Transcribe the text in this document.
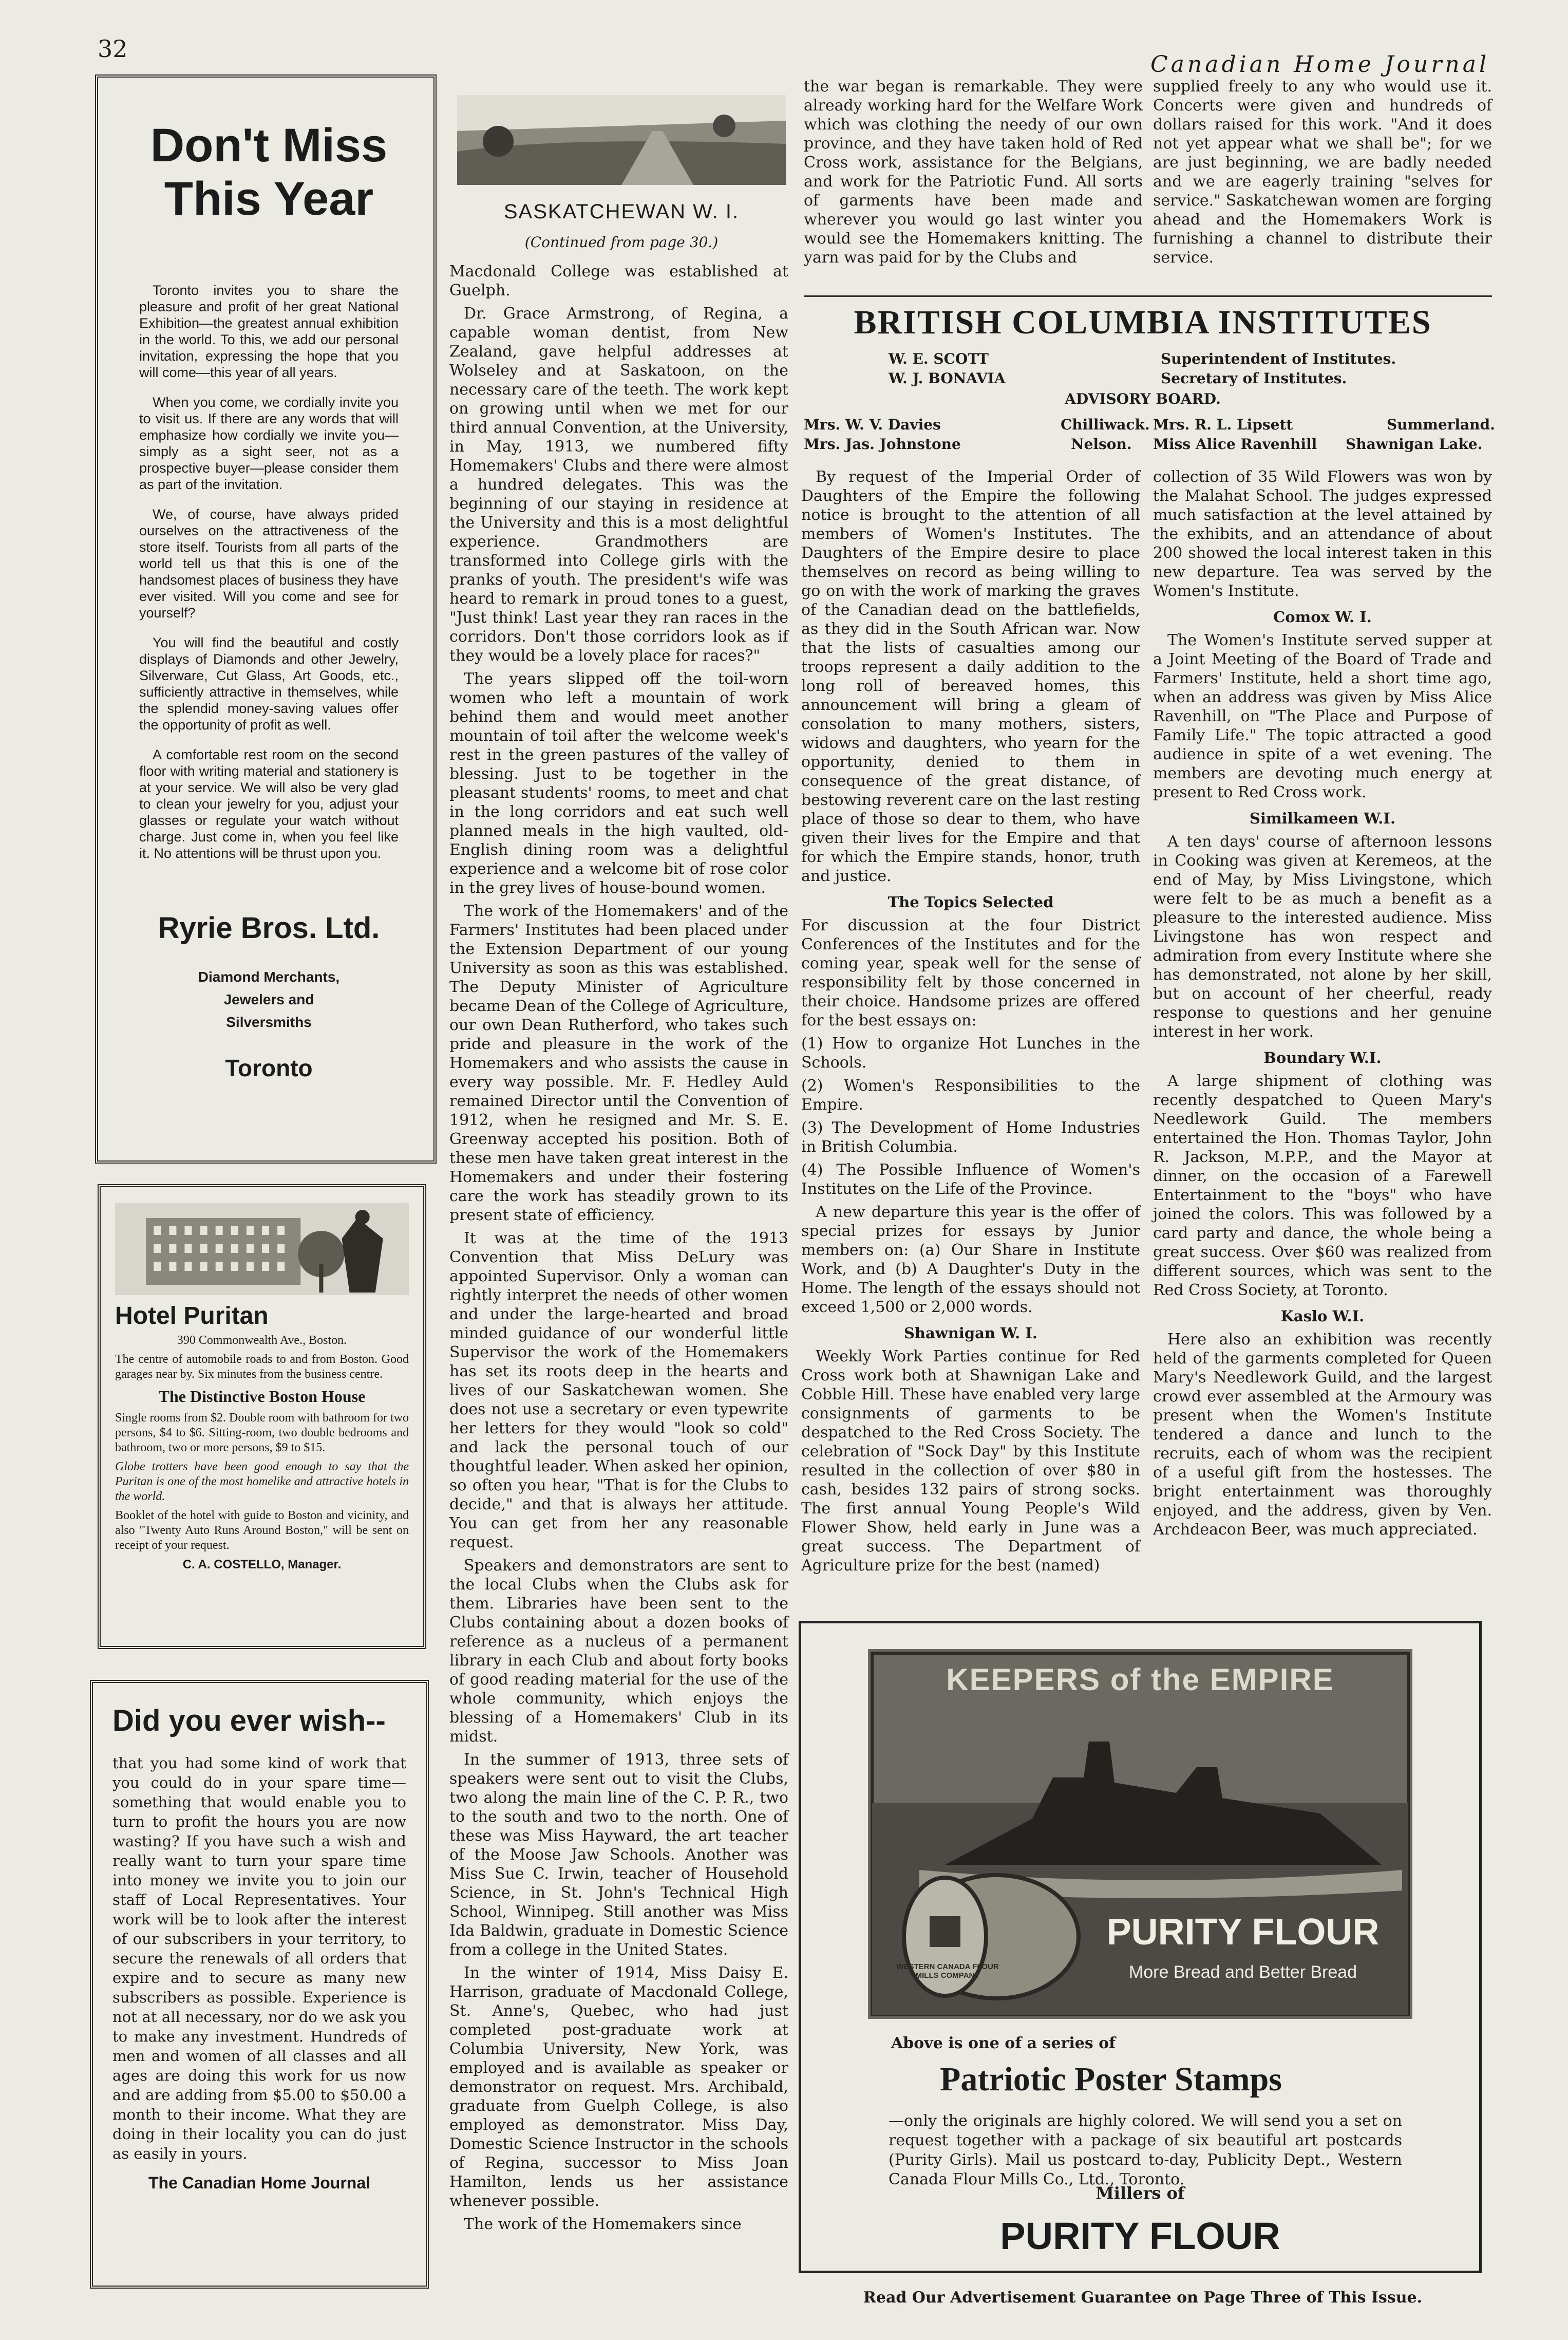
32
Canadian Home Journal
Don't Miss This Year

Toronto invites you to share the pleasure and profit of her great National Exhibition—the greatest annual exhibition in the world. To this, we add our personal invitation, expressing the hope that you will come—this year of all years.

When you come, we cordially invite you to visit us. If there are any words that will emphasize how cordially we invite you—simply as a sight seer, not as a prospective buyer—please consider them as part of the invitation.

We, of course, have always prided ourselves on the attractiveness of the store itself. Tourists from all parts of the world tell us that this is one of the handsomest places of business they have ever visited. Will you come and see for yourself?

You will find the beautiful and costly displays of Diamonds and other Jewelry, Silverware, Cut Glass, Art Goods, etc., sufficiently attractive in themselves, while the splendid money-saving values offer the opportunity of profit as well.

A comfortable rest room on the second floor with writing material and stationery is at your service. We will also be very glad to clean your jewelry for you, adjust your glasses or regulate your watch without charge. Just come in, when you feel like it. No attentions will be thrust upon you.

Ryrie Bros. Ltd.
Diamond Merchants, Jewelers and Silversmiths
Toronto
Hotel Puritan

390 Commonwealth Ave., Boston.

The centre of automobile roads to and from Boston. Good garages near by. Six minutes from the business centre.

The Distinctive Boston House

Single rooms from $2. Double room with bathroom for two persons, $4 to $6. Sitting-room, two double bedrooms and bathroom, two or more persons, $9 to $15.

Globe trotters have been good enough to say that the Puritan is one of the most homelike and attractive hotels in the world.

Booklet of the hotel with guide to Boston and vicinity, and also "Twenty Auto Runs Around Boston," will be sent on receipt of your request.

C. A. COSTELLO, Manager.

Did you ever wish--

that you had some kind of work that you could do in your spare time—something that would enable you to turn to profit the hours you are now wasting? If you have such a wish and really want to turn your spare time into money we invite you to join our staff of Local Representatives. Your work will be to look after the interest of our subscribers in your territory, to secure the renewals of all orders that expire and to secure as many new subscribers as possible. Experience is not at all necessary, nor do we ask you to make any investment. Hundreds of men and women of all classes and all ages are doing this work for us now and are adding from $5.00 to $50.00 a month to their income. What they are doing in their locality you can do just as easily in yours.

The Canadian Home Journal
SASKATCHEWAN W. I.
(Continued from page 30.)

Macdonald College was established at Guelph.

Dr. Grace Armstrong, of Regina, a capable woman dentist, from New Zealand, gave helpful addresses at Wolseley and at Saskatoon, on the necessary care of the teeth. The work kept on growing until when we met for our third annual Convention, at the University, in May, 1913, we numbered fifty Homemakers' Clubs and there were almost a hundred delegates. This was the beginning of our staying in residence at the University and this is a most delightful experience. Grandmothers are transformed into College girls with the pranks of youth. The president's wife was heard to remark in proud tones to a guest, "Just think! Last year they ran races in the corridors. Don't those corridors look as if they would be a lovely place for races?"

The years slipped off the toil-worn women who left a mountain of work behind them and would meet another mountain of toil after the welcome week's rest in the green pastures of the valley of blessing. Just to be together in the pleasant students' rooms, to meet and chat in the long corridors and eat such well planned meals in the high vaulted, old-English dining room was a delightful experience and a welcome bit of rose color in the grey lives of house-bound women.

The work of the Homemakers' and of the Farmers' Institutes had been placed under the Extension Department of our young University as soon as this was established. The Deputy Minister of Agriculture became Dean of the College of Agriculture, our own Dean Rutherford, who takes such pride and pleasure in the work of the Homemakers and who assists the cause in every way possible. Mr. F. Hedley Auld remained Director until the Convention of 1912, when he resigned and Mr. S. E. Greenway accepted his position. Both of these men have taken great interest in the Homemakers and under their fostering care the work has steadily grown to its present state of efficiency.

It was at the time of the 1913 Convention that Miss DeLury was appointed Supervisor. Only a woman can rightly interpret the needs of other women and under the large-hearted and broad minded guidance of our wonderful little Supervisor the work of the Homemakers has set its roots deep in the hearts and lives of our Saskatchewan women. She does not use a secretary or even typewrite her letters for they would "look so cold" and lack the personal touch of our thoughtful leader. When asked her opinion, so often you hear, "That is for the Clubs to decide," and that is always her attitude. You can get from her any reasonable request.

Speakers and demonstrators are sent to the local Clubs when the Clubs ask for them. Libraries have been sent to the Clubs containing about a dozen books of reference as a nucleus of a permanent library in each Club and about forty books of good reading material for the use of the whole community, which enjoys the blessing of a Homemakers' Club in its midst.

In the summer of 1913, three sets of speakers were sent out to visit the Clubs, two along the main line of the C. P. R., two to the south and two to the north. One of these was Miss Hayward, the art teacher of the Moose Jaw Schools. Another was Miss Sue C. Irwin, teacher of Household Science, in St. John's Technical High School, Winnipeg. Still another was Miss Ida Baldwin, graduate in Domestic Science from a college in the United States.

In the winter of 1914, Miss Daisy E. Harrison, graduate of Macdonald College, St. Anne's, Quebec, who had just completed post-graduate work at Columbia University, New York, was employed and is available as speaker or demonstrator on request. Mrs. Archibald, graduate from Guelph College, is also employed as demonstrator. Miss Day, Domestic Science Instructor in the schools of Regina, successor to Miss Joan Hamilton, lends us her assistance whenever possible.

The work of the Homemakers since

the war began is remarkable. They were already working hard for the Welfare Work which was clothing the needy of our own province, and they have taken hold of Red Cross work, assistance for the Belgians, and work for the Patriotic Fund. All sorts of garments have been made and wherever you would go last winter you would see the Homemakers knitting. The yarn was paid for by the Clubs and

supplied freely to any who would use it. Concerts were given and hundreds of dollars raised for this work. "And it does not yet appear what we shall be"; for we are just beginning, we are badly needed and we are eagerly training "selves for service." Saskatchewan women are forging ahead and the Homemakers Work is furnishing a channel to distribute their service.

BRITISH COLUMBIA INSTITUTES
W. E. SCOTT	Superintendent of Institutes.
W. J. BONAVIA	Secretary of Institutes.
ADVISORY BOARD.
Mrs. W. V. Davies	Chilliwack.
Mrs. Jas. Johnstone	Nelson.
Mrs. R. L. Lipsett	Summerland.
Miss Alice Ravenhill Shawnigan Lake.

By request of the Imperial Order of Daughters of the Empire the following notice is brought to the attention of all members of Women's Institutes. The Daughters of the Empire desire to place themselves on record as being willing to go on with the work of marking the graves of the Canadian dead on the battlefields, as they did in the South African war. Now that the lists of casualties among our troops represent a daily addition to the long roll of bereaved homes, this announcement will bring a gleam of consolation to many mothers, sisters, widows and daughters, who yearn for the opportunity, denied to them in consequence of the great distance, of bestowing reverent care on the last resting place of those so dear to them, who have given their lives for the Empire and that for which the Empire stands, honor, truth and justice.

The Topics Selected

For discussion at the four District Conferences of the Institutes and for the coming year, speak well for the sense of responsibility felt by those concerned in their choice. Handsome prizes are offered for the best essays on:

(1) How to organize Hot Lunches in the Schools.

(2) Women's Responsibilities to the Empire.

(3) The Development of Home Industries in British Columbia.

(4) The Possible Influence of Women's Institutes on the Life of the Province.

A new departure this year is the offer of special prizes for essays by Junior members on: (a) Our Share in Institute Work, and (b) A Daughter's Duty in the Home. The length of the essays should not exceed 1,500 or 2,000 words.

Shawnigan W. I.

Weekly Work Parties continue for Red Cross work both at Shawnigan Lake and Cobble Hill. These have enabled very large consignments of garments to be despatched to the Red Cross Society. The celebration of "Sock Day" by this Institute resulted in the collection of over $80 in cash, besides 132 pairs of strong socks. The first annual Young People's Wild Flower Show, held early in June was a great success. The Department of Agriculture prize for the best (named)

collection of 35 Wild Flowers was won by the Malahat School. The judges expressed much satisfaction at the level attained by the exhibits, and an attendance of about 200 showed the local interest taken in this new departure. Tea was served by the Women's Institute.

Comox W. I.

The Women's Institute served supper at a Joint Meeting of the Board of Trade and Farmers' Institute, held a short time ago, when an address was given by Miss Alice Ravenhill, on "The Place and Purpose of Family Life." The topic attracted a good audience in spite of a wet evening. The members are devoting much energy at present to Red Cross work.

Similkameen W.I.

A ten days' course of afternoon lessons in Cooking was given at Keremeos, at the end of May, by Miss Livingstone, which were felt to be as much a benefit as a pleasure to the interested audience. Miss Livingstone has won respect and admiration from every Institute where she has demonstrated, not alone by her skill, but on account of her cheerful, ready response to questions and her genuine interest in her work.

Boundary W.I.

A large shipment of clothing was recently despatched to Queen Mary's Needlework Guild. The members entertained the Hon. Thomas Taylor, John R. Jackson, M.P.P., and the Mayor at dinner, on the occasion of a Farewell Entertainment to the "boys" who have joined the colors. This was followed by a card party and dance, the whole being a great success. Over $60 was realized from different sources, which was sent to the Red Cross Society, at Toronto.

Kaslo W.I.

Here also an exhibition was recently held of the garments completed for Queen Mary's Needlework Guild, and the largest crowd ever assembled at the Armoury was present when the Women's Institute tendered a dance and lunch to the recruits, each of whom was the recipient of a useful gift from the hostesses. The bright entertainment was thoroughly enjoyed, and the address, given by Ven. Archdeacon Beer, was much appreciated.

KEEPERS of the EMPIRE
WESTERN CANADA FLOUR MILLS COMPANY
PURITY FLOUR
More Bread and Better Bread
Above is one of a series of
Patriotic Poster Stamps
—only the originals are highly colored. We will send you a set on request together with a package of six beautiful art postcards (Purity Girls). Mail us postcard to-day, Publicity Dept., Western Canada Flour Mills Co., Ltd., Toronto.
Millers of
PURITY FLOUR
Read Our Advertisement Guarantee on Page Three of This Issue.
